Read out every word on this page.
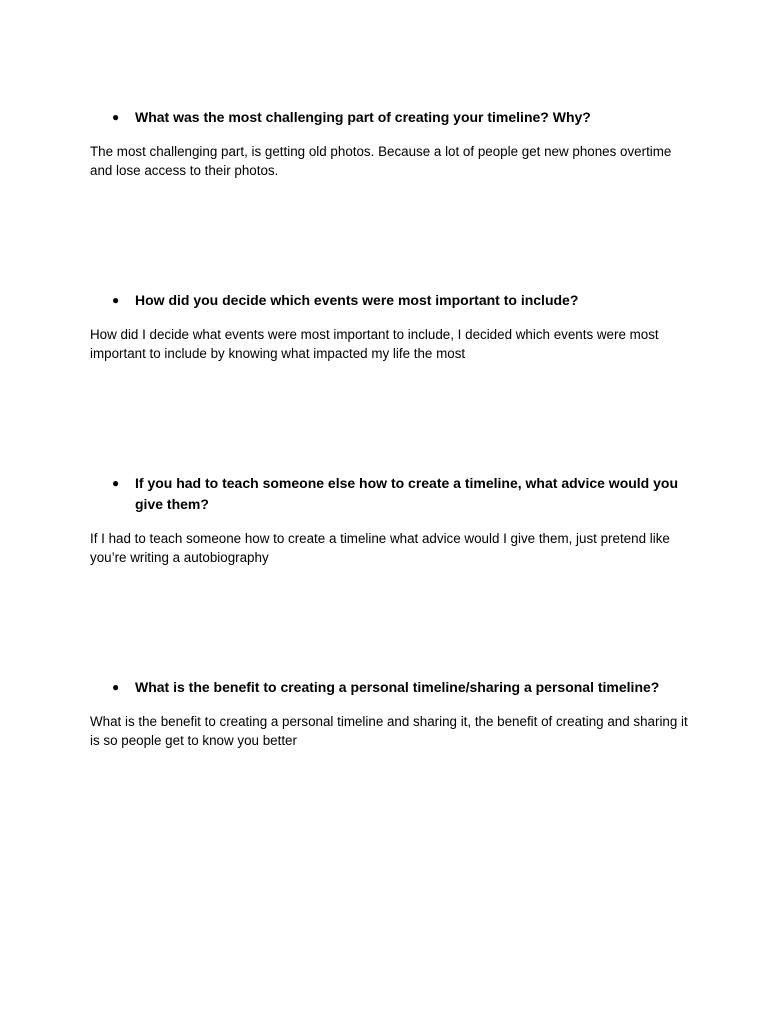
● What was the most challenging part of creating your timeline? Why?

The most challenging part, is getting old photos. Because a lot of people get new phones overtime and lose access to their photos.

● How did you decide which events were most important to include?

How did I decide what events were most important to include, I decided which events were most important to include by knowing what impacted my life the most

● If you had to teach someone else how to create a timeline, what advice would you give them?

If I had to teach someone how to create a timeline what advice would I give them, just pretend like you’re writing a autobiography

● What is the benefit to creating a personal timeline/sharing a personal timeline?

What is the benefit to creating a personal timeline and sharing it, the benefit of creating and sharing it is so people get to know you better
